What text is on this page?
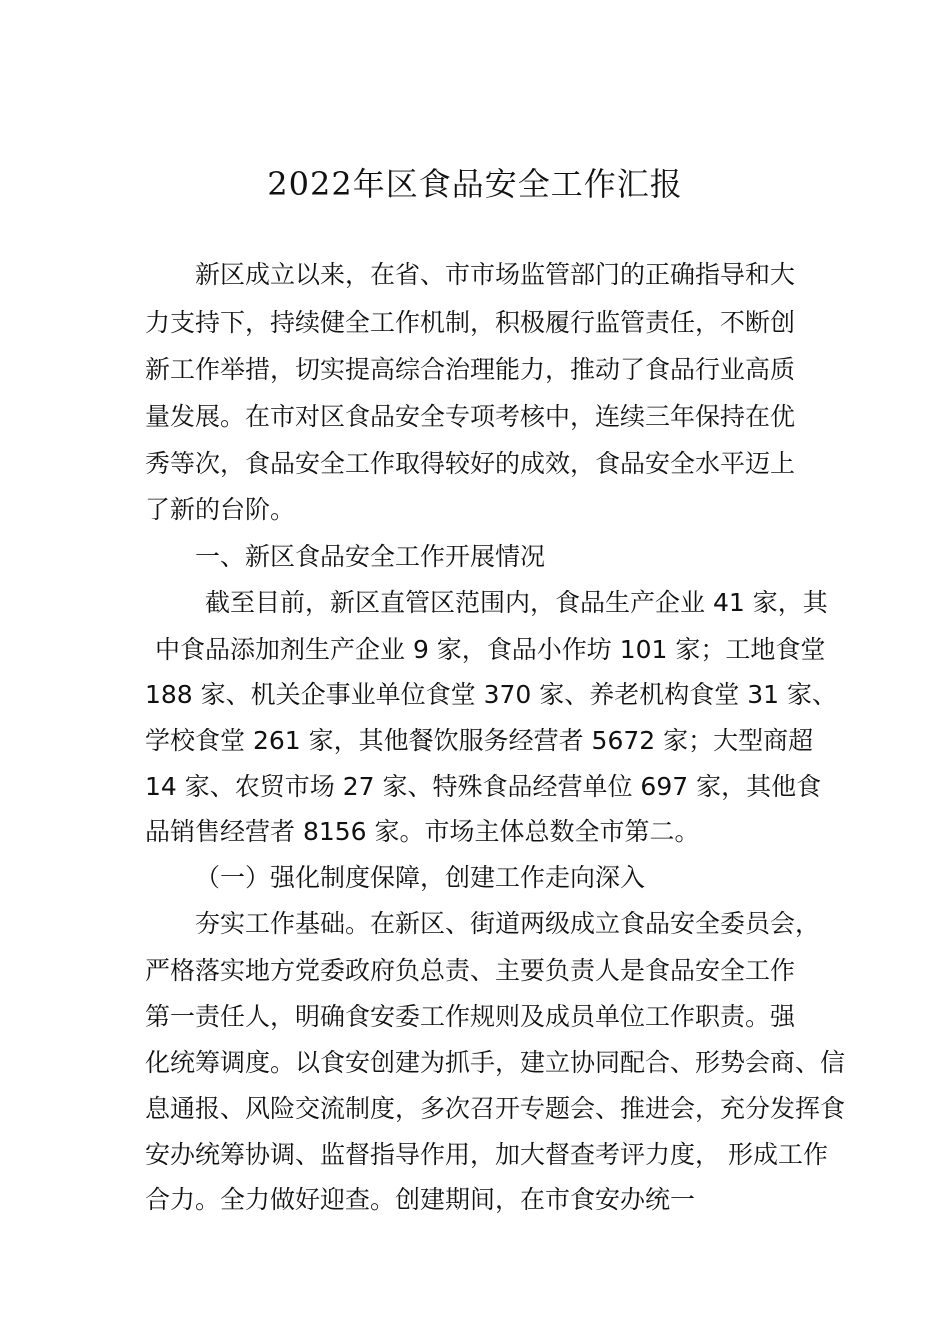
2022年区食品安全工作汇报
新区成立以来，在省、市市场监管部门的正确指导和大
力支持下，持续健全工作机制，积极履行监管责任，不断创
新工作举措，切实提高综合治理能力，推动了食品行业高质
量发展。在市对区食品安全专项考核中，连续三年保持在优
秀等次，食品安全工作取得较好的成效，食品安全水平迈上
了新的台阶。
一、新区食品安全工作开展情况
截至目前，新区直管区范围内，食品生产企业 41 家，其
中食品添加剂生产企业 9 家，食品小作坊 101 家；工地食堂
188 家、机关企事业单位食堂 370 家、养老机构食堂 31 家、
学校食堂 261 家，其他餐饮服务经营者 5672 家；大型商超
14 家、农贸市场 27 家、特殊食品经营单位 697 家，其他食
品销售经营者 8156 家。市场主体总数全市第二。
（一）强化制度保障，创建工作走向深入
夯实工作基础。在新区、街道两级成立食品安全委员会，
严格落实地方党委政府负总责、主要负责人是食品安全工作
第一责任人，明确食安委工作规则及成员单位工作职责。强
化统筹调度。以食安创建为抓手，建立协同配合、形势会商、信
息通报、风险交流制度，多次召开专题会、推进会，充分发挥食
安办统筹协调、监督指导作用，加大督查考评力度， 形成工作
合力。全力做好迎查。创建期间，在市食安办统一
